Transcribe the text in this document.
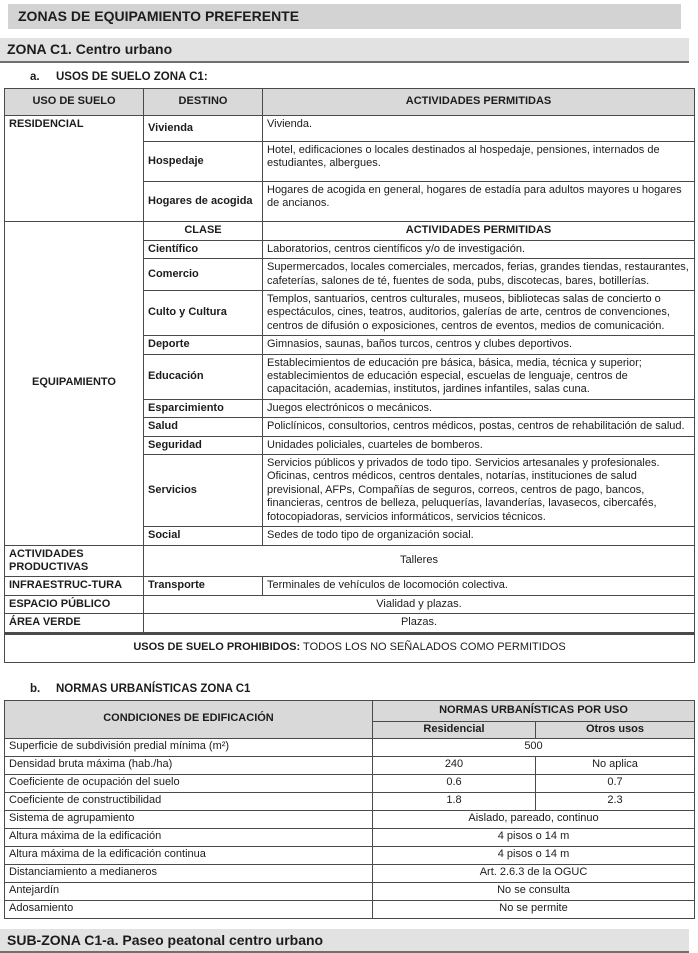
ZONAS DE EQUIPAMIENTO PREFERENTE
ZONA C1. Centro urbano
a.	USOS DE SUELO ZONA C1:
USO DE SUELO	DESTINO	ACTIVIDADES PERMITIDAS
RESIDENCIAL	Vivienda	Vivienda.
	Hospedaje	Hotel, edificaciones o locales destinados al hospedaje, pensiones, internados de estudiantes, albergues.
	Hogares de acogida	Hogares de acogida en general, hogares de estadía para adultos mayores u hogares de ancianos.
EQUIPAMIENTO	CLASE	ACTIVIDADES PERMITIDAS
	Científico	Laboratorios, centros científicos y/o de investigación.
	Comercio	Supermercados, locales comerciales, mercados, ferias, grandes tiendas, restaurantes, cafeterías, salones de té, fuentes de soda, pubs, discotecas, bares, botillerías.
	Culto y Cultura	Templos, santuarios, centros culturales, museos, bibliotecas salas de concierto o espectáculos, cines, teatros, auditorios, galerías de arte, centros de convenciones, centros de difusión o exposiciones, centros de eventos, medios de comunicación.
	Deporte	Gimnasios, saunas, baños turcos, centros y clubes deportivos.
	Educación	Establecimientos de educación pre básica, básica, media, técnica y superior; establecimientos de educación especial, escuelas de lenguaje, centros de capacitación, academias, institutos, jardines infantiles, salas cuna.
	Esparcimiento	Juegos electrónicos o mecánicos.
	Salud	Policlínicos, consultorios, centros médicos, postas, centros de rehabilitación de salud.
	Seguridad	Unidades policiales, cuarteles de bomberos.
	Servicios	Servicios públicos y privados de todo tipo. Servicios artesanales y profesionales. Oficinas, centros médicos, centros dentales, notarías, instituciones de salud previsional, AFPs, Compañías de seguros, correos, centros de pago, bancos, financieras, centros de belleza, peluquerías, lavanderías, lavasecos, cibercafés, fotocopiadoras, servicios informáticos, servicios técnicos.
	Social	Sedes de todo tipo de organización social.
ACTIVIDADES PRODUCTIVAS	Talleres	
INFRAESTRUC-TURA	Transporte	Terminales de vehículos de locomoción colectiva.
ESPACIO PÚBLICO	Vialidad y plazas.	
ÁREA VERDE	Plazas.	
USOS DE SUELO PROHIBIDOS: TODOS LOS NO SEÑALADOS COMO PERMITIDOS		
b.	NORMAS URBANÍSTICAS ZONA C1
CONDICIONES DE EDIFICACIÓN	NORMAS URBANÍSTICAS POR USO	
	Residencial	Otros usos
Superficie de subdivisión predial mínima (m²)	500	
Densidad bruta máxima (hab./ha)	240	No aplica
Coeficiente de ocupación del suelo	0.6	0.7
Coeficiente de constructibilidad	1.8	2.3
Sistema de agrupamiento	Aislado, pareado, continuo	
Altura máxima de la edificación	4 pisos o 14 m	
Altura máxima de la edificación continua	4 pisos o 14 m	
Distanciamiento a medianeros	Art. 2.6.3 de la OGUC	
Antejardín	No se consulta	
Adosamiento	No se permite	
SUB-ZONA C1-a. Paseo peatonal centro urbano
